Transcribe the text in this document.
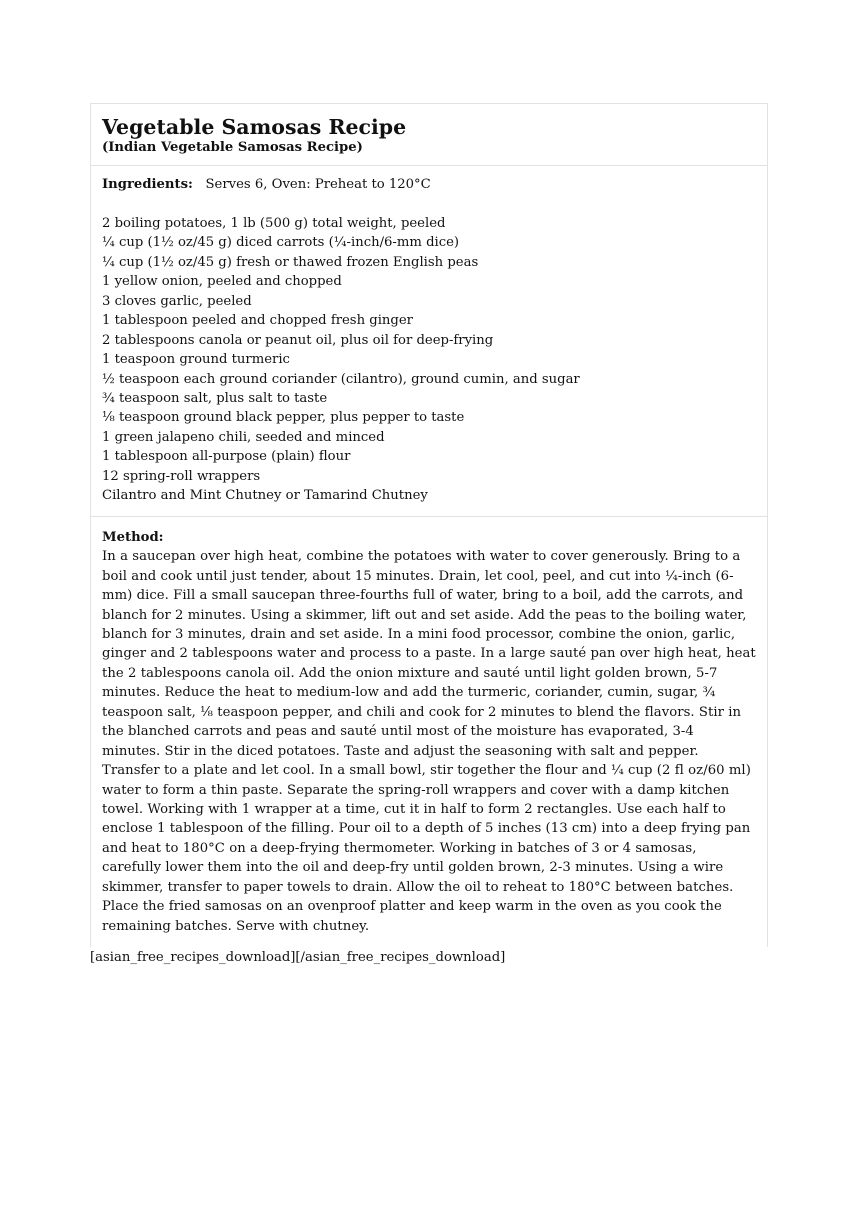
Vegetable Samosas Recipe

(Indian Vegetable Samosas Recipe)

Ingredients: Serves 6, Oven: Preheat to 120°C

2 boiling potatoes, 1 lb (500 g) total weight, peeled
¼ cup (1½ oz/45 g) diced carrots (¼-inch/6-mm dice)
¼ cup (1½ oz/45 g) fresh or thawed frozen English peas
1 yellow onion, peeled and chopped
3 cloves garlic, peeled
1 tablespoon peeled and chopped fresh ginger
2 tablespoons canola or peanut oil, plus oil for deep-frying
1 teaspoon ground turmeric
½ teaspoon each ground coriander (cilantro), ground cumin, and sugar
¾ teaspoon salt, plus salt to taste
⅛ teaspoon ground black pepper, plus pepper to taste
1 green jalapeno chili, seeded and minced
1 tablespoon all-purpose (plain) flour
12 spring-roll wrappers
Cilantro and Mint Chutney or Tamarind Chutney

Method:

In a saucepan over high heat, combine the potatoes with water to cover generously. Bring to a boil and cook until just tender, about 15 minutes. Drain, let cool, peel, and cut into ¼-inch (6-mm) dice. Fill a small saucepan three-fourths full of water, bring to a boil, add the carrots, and blanch for 2 minutes. Using a skimmer, lift out and set aside. Add the peas to the boiling water, blanch for 3 minutes, drain and set aside. In a mini food processor, combine the onion, garlic, ginger and 2 tablespoons water and process to a paste. In a large sauté pan over high heat, heat the 2 tablespoons canola oil. Add the onion mixture and sauté until light golden brown, 5-7 minutes. Reduce the heat to medium-low and add the turmeric, coriander, cumin, sugar, ¾ teaspoon salt, ⅛ teaspoon pepper, and chili and cook for 2 minutes to blend the flavors. Stir in the blanched carrots and peas and sauté until most of the moisture has evaporated, 3-4 minutes. Stir in the diced potatoes. Taste and adjust the seasoning with salt and pepper. Transfer to a plate and let cool. In a small bowl, stir together the flour and ¼ cup (2 fl oz/60 ml) water to form a thin paste. Separate the spring-roll wrappers and cover with a damp kitchen towel. Working with 1 wrapper at a time, cut it in half to form 2 rectangles. Use each half to enclose 1 tablespoon of the filling. Pour oil to a depth of 5 inches (13 cm) into a deep frying pan and heat to 180°C on a deep-frying thermometer. Working in batches of 3 or 4 samosas, carefully lower them into the oil and deep-fry until golden brown, 2-3 minutes. Using a wire skimmer, transfer to paper towels to drain. Allow the oil to reheat to 180°C between batches. Place the fried samosas on an ovenproof platter and keep warm in the oven as you cook the remaining batches. Serve with chutney.

[asian_free_recipes_download][/asian_free_recipes_download]
